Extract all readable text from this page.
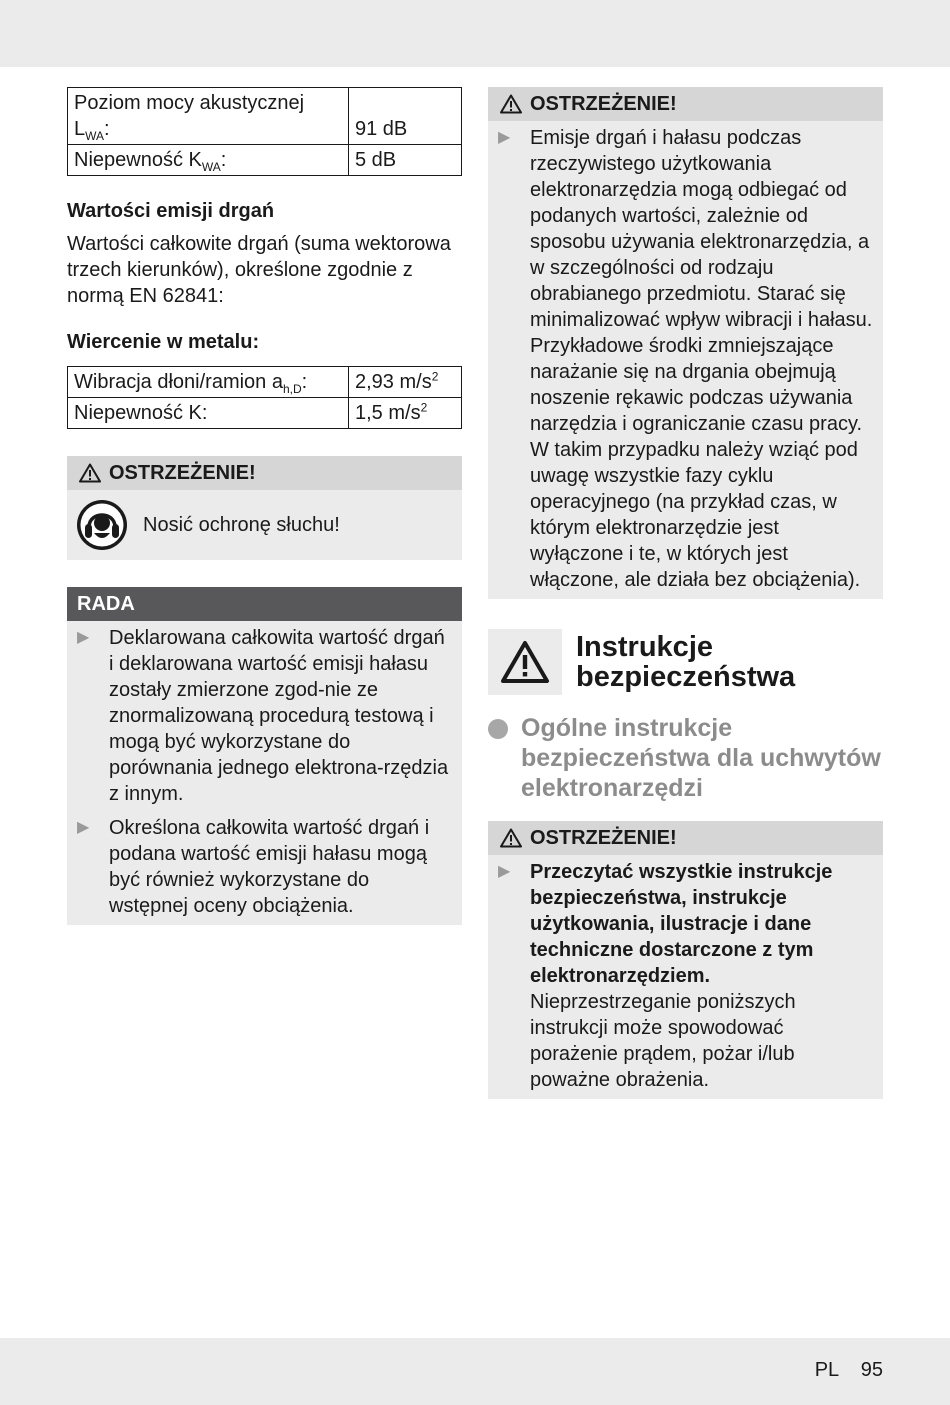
Poziom mocy akustycznej
$L_{WA}$:	91 dB
Niepewność $K_{WA}$:	5 dB

Wartości emisji drgań

Wartości całkowite drgań (suma wektorowa trzech kierunków), określone zgodnie z normą EN 62841:

Wiercenie w metalu:

Wibracja dłoni/ramion $a_{h,D}$:	2,93 $m/s^2$
Niepewność K:	1,5 $m/s^2$
OSTRZEŻENIE!
Nosić ochronę słuchu!
RADA
▶ Deklarowana całkowita wartość drgań i deklarowana wartość emisji hałasu zostały zmierzone zgod-nie ze znormalizowaną procedurą testową i mogą być wykorzystane do porównania jednego elektrona-rzędzia z innym.
▶ Określona całkowita wartość drgań i podana wartość emisji hałasu mogą być również wykorzystane do wstępnej oceny obciążenia.
OSTRZEŻENIE!
▶ Emisje drgań i hałasu podczas rzeczywistego użytkowania elektronarzędzia mogą odbiegać od podanych wartości, zależnie od sposobu używania elektronarzędzia, a w szczególności od rodzaju obrabianego przedmiotu. Starać się minimalizować wpływ wibracji i hałasu. Przykładowe środki zmniejszające narażanie się na drgania obejmują noszenie rękawic podczas używania narzędzia i ograniczanie czasu pracy. W takim przypadku należy wziąć pod uwagę wszystkie fazy cyklu operacyjnego (na przykład czas, w którym elektronarzędzie jest wyłączone i te, w których jest włączone, ale działa bez obciążenia).
Instrukcje
bezpieczeństwa
Ogólne instrukcje bezpieczeństwa dla uchwytów elektronarzędzi
OSTRZEŻENIE!
▶ Przeczytać wszystkie instrukcje bezpieczeństwa, instrukcje użytkowania, ilustracje i dane techniczne dostarczone z tym elektronarzędziem. Nieprzestrzeganie poniższych instrukcji może spowodować porażenie prądem, pożar i/lub poważne obrażenia.
PL 95
